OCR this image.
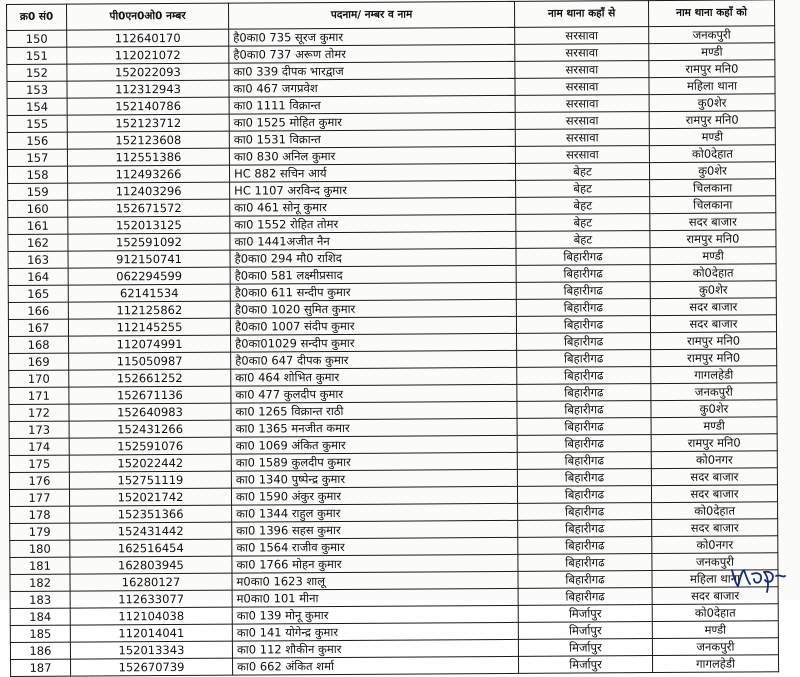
क्र0 सं0	पी0एन0ओ0 नम्बर	पदनाम/ नम्बर व नाम	नाम थाना कहाँ से	नाम थाना कहाँ को
150	112640170	है0का0 735 सूरज कुमार	सरसावा	जनकपुरी
151	112021072	है0का0 737 अरूण तोमर	सरसावा	मण्डी
152	152022093	का0 339 दीपक भारद्वाज	सरसावा	रामपुर मनि0
153	112312943	का0 467 जगप्रवेश	सरसावा	महिला थाना
154	152140786	का0 1111 विक्रान्त	सरसावा	कु0शेर
155	152123712	का0 1525 मोहित कुमार	सरसावा	रामपुर मनि0
156	152123608	का0 1531 विक्रान्त	सरसावा	मण्डी
157	112551386	का0 830 अनिल कुमार	सरसावा	को0देहात
158	112493266	HC 882 सचिन आर्य	बेहट	कु0शेर
159	112403296	HC 1107 अरविन्द कुमार	बेहट	चिलकाना
160	152671572	का0 461 सोनू कुमार	बेहट	चिलकाना
161	152013125	का0 1552 रोहित तोमर	बेहट	सदर बाजार
162	152591092	का0 1441अजीत नैन	बेहट	रामपुर मनि0
163	912150741	है0का0 294 मौ0 राशिद	बिहारीगढ	मण्डी
164	062294599	है0का0 581 लक्ष्मीप्रसाद	बिहारीगढ	को0देहात
165	62141534	है0का0 611 सन्दीप कुमार	बिहारीगढ	कु0शेर
166	112125862	है0का0 1020 सुमित कुमार	बिहारीगढ	सदर बाजार
167	112145255	है0का0 1007 संदीप कुमार	बिहारीगढ	सदर बाजार
168	112074991	है0का01029 सन्दीप कुमार	बिहारीगढ	रामपुर मनि0
169	115050987	है0का0 647 दीपक कुमार	बिहारीगढ	रामपुर मनि0
170	152661252	का0 464 शोभित कुमार	बिहारीगढ	गागलहेडी
171	152671136	का0 477 कुलदीप कुमार	बिहारीगढ	जनकपुरी
172	152640983	का0 1265 विक्रान्त राठी	बिहारीगढ	कु0शेर
173	152431266	का0 1365 मनजीत कमार	बिहारीगढ	मण्डी
174	152591076	का0 1069 अंकित कुमार	बिहारीगढ	रामपुर मनि0
175	152022442	का0 1589 कुलदीप कुमार	बिहारीगढ	को0नगर
176	152751119	का0 1340 पुष्पेन्द्र कुमार	बिहारीगढ	सदर बाजार
177	152021742	का0 1590 अंकुर कुमार	बिहारीगढ	सदर बाजार
178	152351366	का0 1344 राहुल कुमार	बिहारीगढ	को0देहात
179	152431442	का0 1396 सहस कुमार	बिहारीगढ	सदर बाजार
180	162516454	का0 1564 राजीव कुमार	बिहारीगढ	को0नगर
181	162803945	का0 1766 मोहन कुमार	बिहारीगढ	जनकपुरी
182	16280127	म0का0 1623 शालू	बिहारीगढ	महिला थाना
183	112633077	म0का0 101 मीना	बिहारीगढ	सदर बाजार
184	112104038	का0 139 मोनू कुमार	मिर्जापुर	को0देहात
185	112014041	का0 141 योगेन्द्र कुमार	मिर्जापुर	मण्डी
186	152013343	का0 112 शौकीन कुमार	मिर्जापुर	जनकपुरी
187	152670739	का0 662 अंकित शर्मा	मिर्जापुर	गागलहेडी
